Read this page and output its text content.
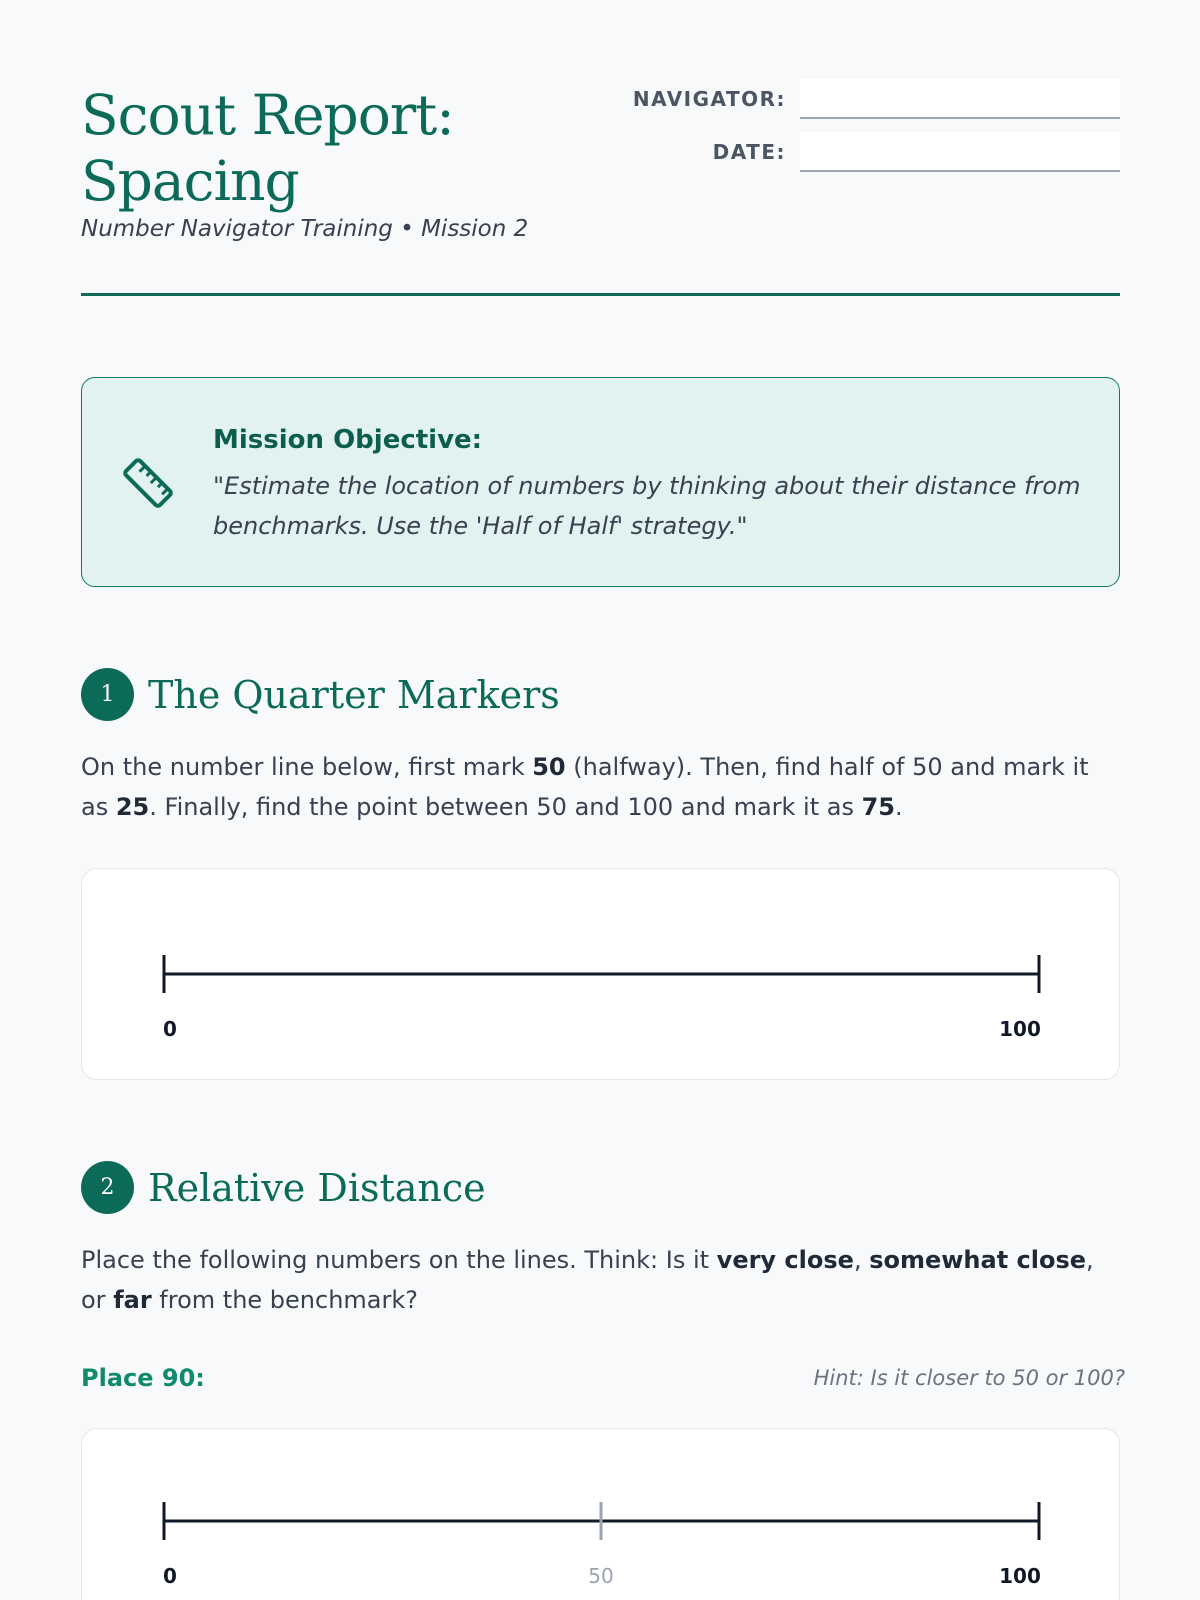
Scout Report:
Spacing
Number Navigator Training • Mission 2
NAVIGATOR:
DATE:
Mission Objective:
"Estimate the location of numbers by thinking about their distance from benchmarks. Use the 'Half of Half' strategy."
1 The Quarter Markers
On the number line below, first mark 50 (halfway). Then, find half of 50 and mark it as 25. Finally, find the point between 50 and 100 and mark it as 75.
0	100
2 Relative Distance
Place the following numbers on the lines. Think: Is it very close, somewhat close, or far from the benchmark?
Place 90:	Hint: Is it closer to 50 or 100?
0	50	100
